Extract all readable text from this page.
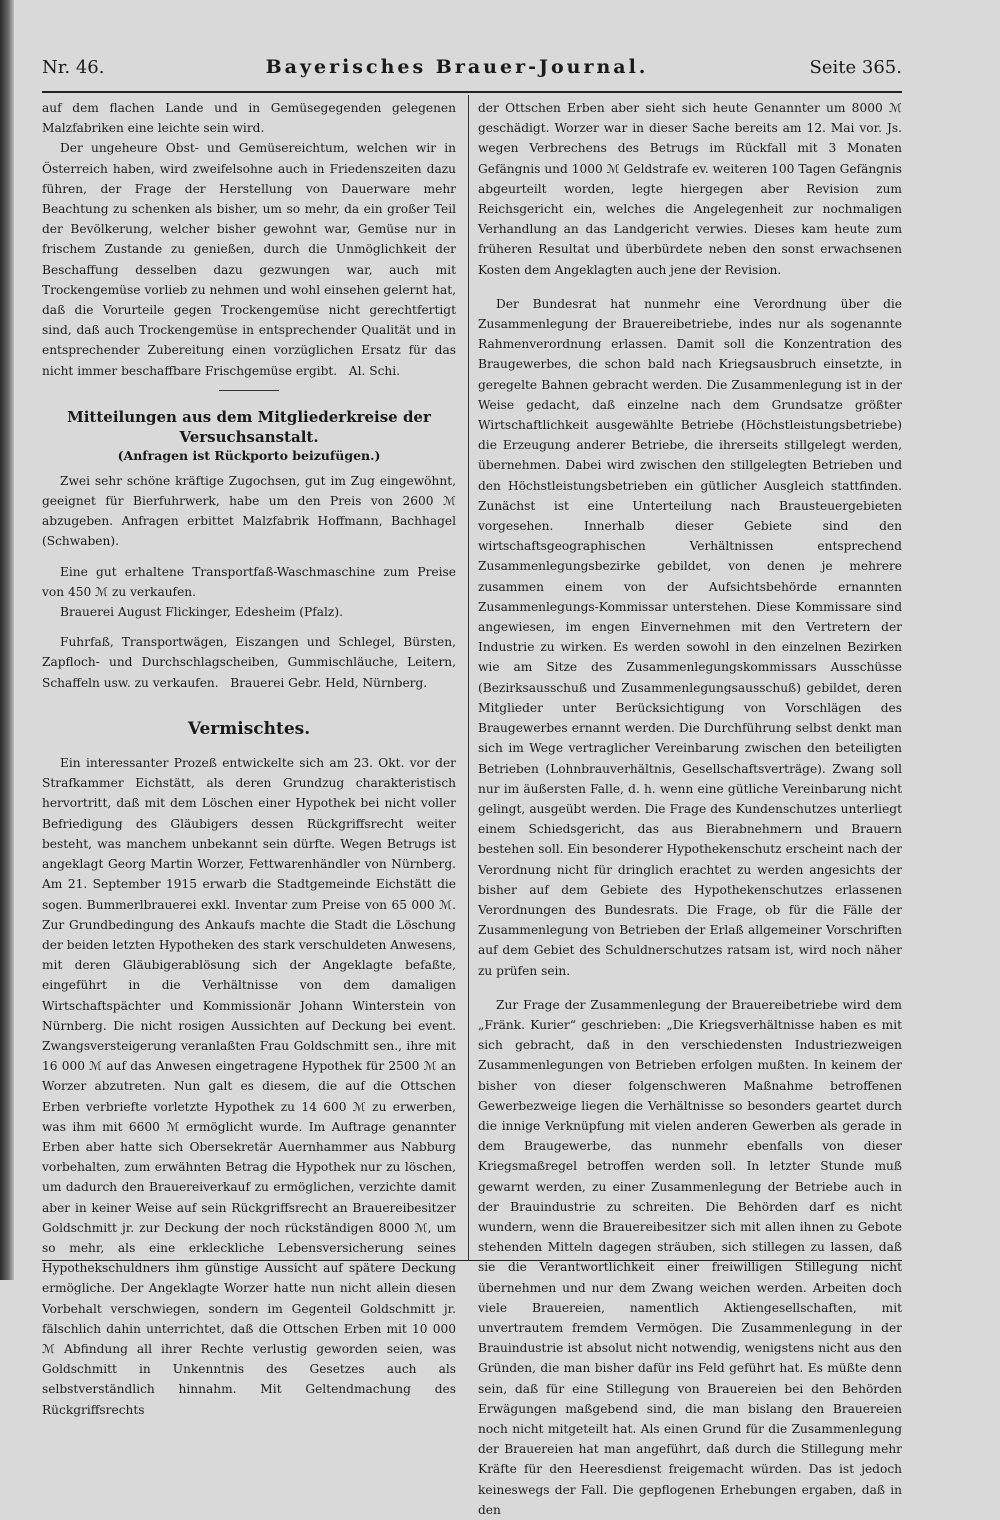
Nr. 46.	Bayerisches Brauer-Journal.	Seite 365.

auf dem flachen Lande und in Gemüsegegenden gelegenen Malzfabriken eine leichte sein wird.

Der ungeheure Obst- und Gemüsereichtum, welchen wir in Österreich haben, wird zweifelsohne auch in Friedenszeiten dazu führen, der Frage der Herstellung von Dauerware mehr Beachtung zu schenken als bisher, um so mehr, da ein großer Teil der Bevölkerung, welcher bisher gewohnt war, Gemüse nur in frischem Zustande zu genießen, durch die Unmöglichkeit der Beschaffung desselben dazu gezwungen war, auch mit Trockengemüse vorlieb zu nehmen und wohl einsehen gelernt hat, daß die Vorurteile gegen Trockengemüse nicht gerechtfertigt sind, daß auch Trockengemüse in entsprechender Qualität und in entsprechender Zubereitung einen vorzüglichen Ersatz für das nicht immer beschaffbare Frischgemüse ergibt. Al. Schi.

Mitteilungen aus dem Mitgliederkreise der Versuchsanstalt.
(Anfragen ist Rückporto beizufügen.)

Zwei sehr schöne kräftige Zugochsen, gut im Zug eingewöhnt, geeignet für Bierfuhrwerk, habe um den Preis von 2600 ℳ abzugeben. Anfragen erbittet Malzfabrik Hoffmann, Bachhagel (Schwaben).

Eine gut erhaltene Transportfaß-Waschmaschine zum Preise von 450 ℳ zu verkaufen.

Brauerei August Flickinger, Edesheim (Pfalz).

Fuhrfaß, Transportwägen, Eiszangen und Schlegel, Bürsten, Zapfloch- und Durchschlagscheiben, Gummischläuche, Leitern, Schaffeln usw. zu verkaufen. Brauerei Gebr. Held, Nürnberg.

Vermischtes.

Ein interessanter Prozeß entwickelte sich am 23. Okt. vor der Strafkammer Eichstätt, als deren Grundzug charakteristisch hervortritt, daß mit dem Löschen einer Hypothek bei nicht voller Befriedigung des Gläubigers dessen Rückgriffsrecht weiter besteht, was manchem unbekannt sein dürfte. Wegen Betrugs ist angeklagt Georg Martin Worzer, Fettwarenhändler von Nürnberg. Am 21. September 1915 erwarb die Stadtgemeinde Eichstätt die sogen. Bummerlbrauerei exkl. Inventar zum Preise von 65 000 ℳ. Zur Grundbedingung des Ankaufs machte die Stadt die Löschung der beiden letzten Hypotheken des stark verschuldeten Anwesens, mit deren Gläubigerablösung sich der Angeklagte befaßte, eingeführt in die Verhältnisse von dem damaligen Wirtschaftspächter und Kommissionär Johann Winterstein von Nürnberg. Die nicht rosigen Aussichten auf Deckung bei event. Zwangsversteigerung veranlaßten Frau Goldschmitt sen., ihre mit 16 000 ℳ auf das Anwesen eingetragene Hypothek für 2500 ℳ an Worzer abzutreten. Nun galt es diesem, die auf die Ottschen Erben verbriefte vorletzte Hypothek zu 14 600 ℳ zu erwerben, was ihm mit 6600 ℳ ermöglicht wurde. Im Auftrage genannter Erben aber hatte sich Obersekretär Auernhammer aus Nabburg vorbehalten, zum erwähnten Betrag die Hypothek nur zu löschen, um dadurch den Brauereiverkauf zu ermöglichen, verzichte damit aber in keiner Weise auf sein Rückgriffsrecht an Brauereibesitzer Goldschmitt jr. zur Deckung der noch rückständigen 8000 ℳ, um so mehr, als eine erkleckliche Lebensversicherung seines Hypothekschuldners ihm günstige Aussicht auf spätere Deckung ermögliche. Der Angeklagte Worzer hatte nun nicht allein diesen Vorbehalt verschwiegen, sondern im Gegenteil Goldschmitt jr. fälschlich dahin unterrichtet, daß die Ottschen Erben mit 10 000 ℳ Abfindung all ihrer Rechte verlustig geworden seien, was Goldschmitt in Unkenntnis des Gesetzes auch als selbstverständlich hinnahm. Mit Geltendmachung des Rückgriffsrechts

der Ottschen Erben aber sieht sich heute Genannter um 8000 ℳ geschädigt. Worzer war in dieser Sache bereits am 12. Mai vor. Js. wegen Verbrechens des Betrugs im Rückfall mit 3 Monaten Gefängnis und 1000 ℳ Geldstrafe ev. weiteren 100 Tagen Gefängnis abgeurteilt worden, legte hiergegen aber Revision zum Reichsgericht ein, welches die Angelegenheit zur nochmaligen Verhandlung an das Landgericht verwies. Dieses kam heute zum früheren Resultat und überbürdete neben den sonst erwachsenen Kosten dem Angeklagten auch jene der Revision.

Der Bundesrat hat nunmehr eine Verordnung über die Zusammenlegung der Brauereibetriebe, indes nur als sogenannte Rahmenverordnung erlassen. Damit soll die Konzentration des Braugewerbes, die schon bald nach Kriegsausbruch einsetzte, in geregelte Bahnen gebracht werden. Die Zusammenlegung ist in der Weise gedacht, daß einzelne nach dem Grundsatze größter Wirtschaftlichkeit ausgewählte Betriebe (Höchstleistungsbetriebe) die Erzeugung anderer Betriebe, die ihrerseits stillgelegt werden, übernehmen. Dabei wird zwischen den stillgelegten Betrieben und den Höchstleistungsbetrieben ein gütlicher Ausgleich stattfinden. Zunächst ist eine Unterteilung nach Brausteuergebieten vorgesehen. Innerhalb dieser Gebiete sind den wirtschaftsgeographischen Verhältnissen entsprechend Zusammenlegungsbezirke gebildet, von denen je mehrere zusammen einem von der Aufsichtsbehörde ernannten Zusammenlegungs-Kommissar unterstehen. Diese Kommissare sind angewiesen, im engen Einvernehmen mit den Vertretern der Industrie zu wirken. Es werden sowohl in den einzelnen Bezirken wie am Sitze des Zusammenlegungskommissars Ausschüsse (Bezirksausschuß und Zusammenlegungsausschuß) gebildet, deren Mitglieder unter Berücksichtigung von Vorschlägen des Braugewerbes ernannt werden. Die Durchführung selbst denkt man sich im Wege vertraglicher Vereinbarung zwischen den beteiligten Betrieben (Lohnbrauverhältnis, Gesellschaftsverträge). Zwang soll nur im äußersten Falle, d. h. wenn eine gütliche Vereinbarung nicht gelingt, ausgeübt werden. Die Frage des Kundenschutzes unterliegt einem Schiedsgericht, das aus Bierabnehmern und Brauern bestehen soll. Ein besonderer Hypothekenschutz erscheint nach der Verordnung nicht für dringlich erachtet zu werden angesichts der bisher auf dem Gebiete des Hypothekenschutzes erlassenen Verordnungen des Bundesrats. Die Frage, ob für die Fälle der Zusammenlegung von Betrieben der Erlaß allgemeiner Vorschriften auf dem Gebiet des Schuldnerschutzes ratsam ist, wird noch näher zu prüfen sein.

Zur Frage der Zusammenlegung der Brauereibetriebe wird dem „Fränk. Kurier“ geschrieben: „Die Kriegsverhältnisse haben es mit sich gebracht, daß in den verschiedensten Industriezweigen Zusammenlegungen von Betrieben erfolgen mußten. In keinem der bisher von dieser folgenschweren Maßnahme betroffenen Gewerbezweige liegen die Verhältnisse so besonders geartet durch die innige Verknüpfung mit vielen anderen Gewerben als gerade in dem Braugewerbe, das nunmehr ebenfalls von dieser Kriegsmaßregel betroffen werden soll. In letzter Stunde muß gewarnt werden, zu einer Zusammenlegung der Betriebe auch in der Brauindustrie zu schreiten. Die Behörden darf es nicht wundern, wenn die Brauereibesitzer sich mit allen ihnen zu Gebote stehenden Mitteln dagegen sträuben, sich stillegen zu lassen, daß sie die Verantwortlichkeit einer freiwilligen Stillegung nicht übernehmen und nur dem Zwang weichen werden. Arbeiten doch viele Brauereien, namentlich Aktiengesellschaften, mit unvertrautem fremdem Vermögen. Die Zusammenlegung in der Brauindustrie ist absolut nicht notwendig, wenigstens nicht aus den Gründen, die man bisher dafür ins Feld geführt hat. Es müßte denn sein, daß für eine Stillegung von Brauereien bei den Behörden Erwägungen maßgebend sind, die man bislang den Brauereien noch nicht mitgeteilt hat. Als einen Grund für die Zusammenlegung der Brauereien hat man angeführt, daß durch die Stillegung mehr Kräfte für den Heeresdienst freigemacht würden. Das ist jedoch keineswegs der Fall. Die gepflogenen Erhebungen ergaben, daß in den
